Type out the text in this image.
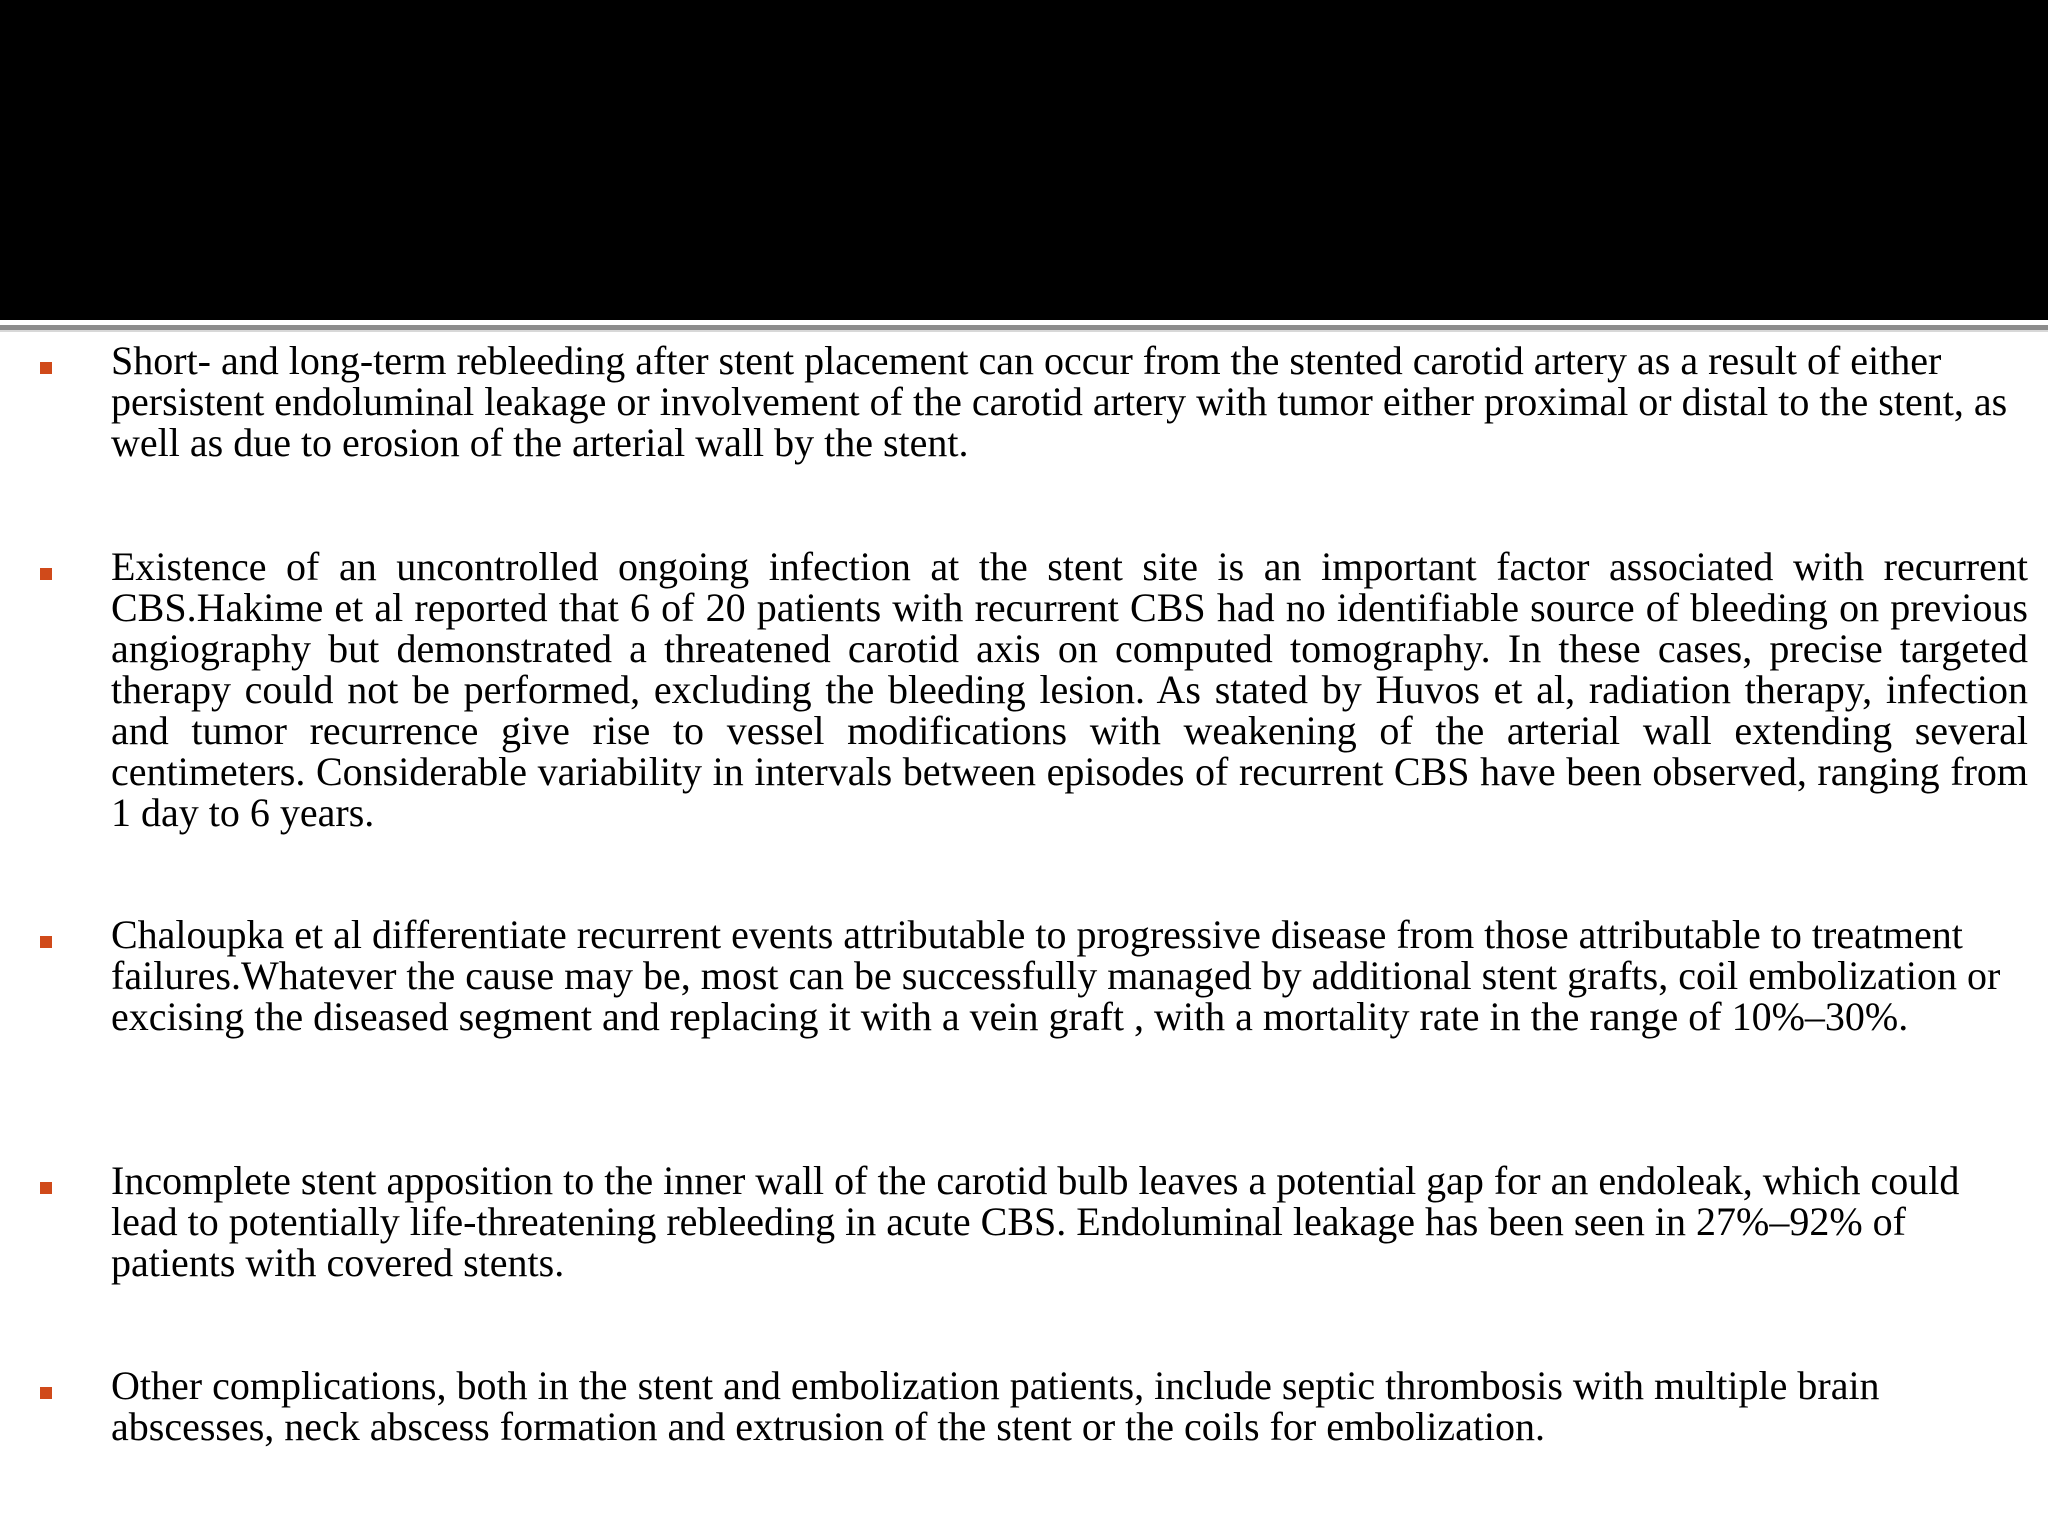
Short- and long-term rebleeding after stent placement can occur from the stented carotid artery as a result of either persistent endoluminal leakage or involvement of the carotid artery with tumor either proximal or distal to the stent, as well as due to erosion of the arterial wall by the stent.

Existence of an uncontrolled ongoing infection at the stent site is an important factor associated with recurrent CBS.Hakime et al reported that 6 of 20 patients with recurrent CBS had no identifiable source of bleeding on previous angiography but demonstrated a threatened carotid axis on computed tomography. In these cases, precise targeted therapy could not be performed, excluding the bleeding lesion. As stated by Huvos et al, radiation therapy, infection and tumor recurrence give rise to vessel modifications with weakening of the arterial wall extending several centimeters. Considerable variability in intervals between episodes of recurrent CBS have been observed, ranging from 1 day to 6 years.

Chaloupka et al differentiate recurrent events attributable to progressive disease from those attributable to treatment failures.Whatever the cause may be, most can be successfully managed by additional stent grafts, coil embolization or excising the diseased segment and replacing it with a vein graft , with a mortality rate in the range of 10%–30%.

Incomplete stent apposition to the inner wall of the carotid bulb leaves a potential gap for an endoleak, which could lead to potentially life-threatening rebleeding in acute CBS. Endoluminal leakage has been seen in 27%–92% of patients with covered stents.

Other complications, both in the stent and embolization patients, include septic thrombosis with multiple brain abscesses, neck abscess formation and extrusion of the stent or the coils for embolization.
